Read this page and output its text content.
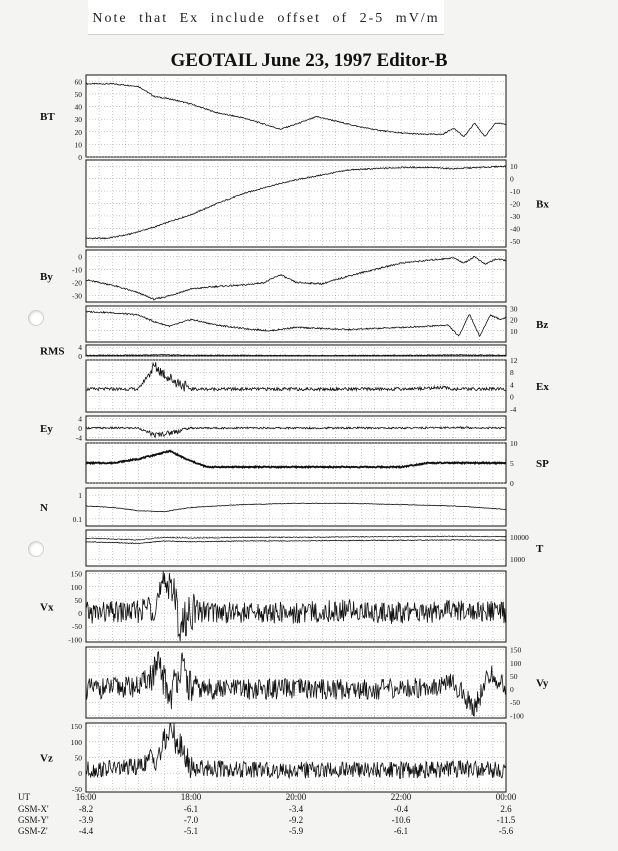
Note that Ex include offset of 2-5 mV/m
GEOTAIL June 23, 1997 Editor-B
0
10
20
30
40
50
60
BT
-50
-40
-30
-20
-10
0
10
Bx
-30
-20
-10
0
By
10
20
30
Bz
0
4
RMS
-4
0
4
8
12
Ex
-4
0
4
Ey
0
5
10
SP
0.1
1
N
1000
10000
T
-100
-50
0
50
100
150
Vx
-100
-50
0
50
100
150
Vy
-50
0
50
100
150
Vz
UT	16:00	18:00	20:00	22:00	00:00
GSM-X'	-8.2	-6.1	-3.4	-0.4	2.6
GSM-Y'	-3.9	-7.0	-9.2	-10.6	-11.5
GSM-Z'	-4.4	-5.1	-5.9	-6.1	-5.6
